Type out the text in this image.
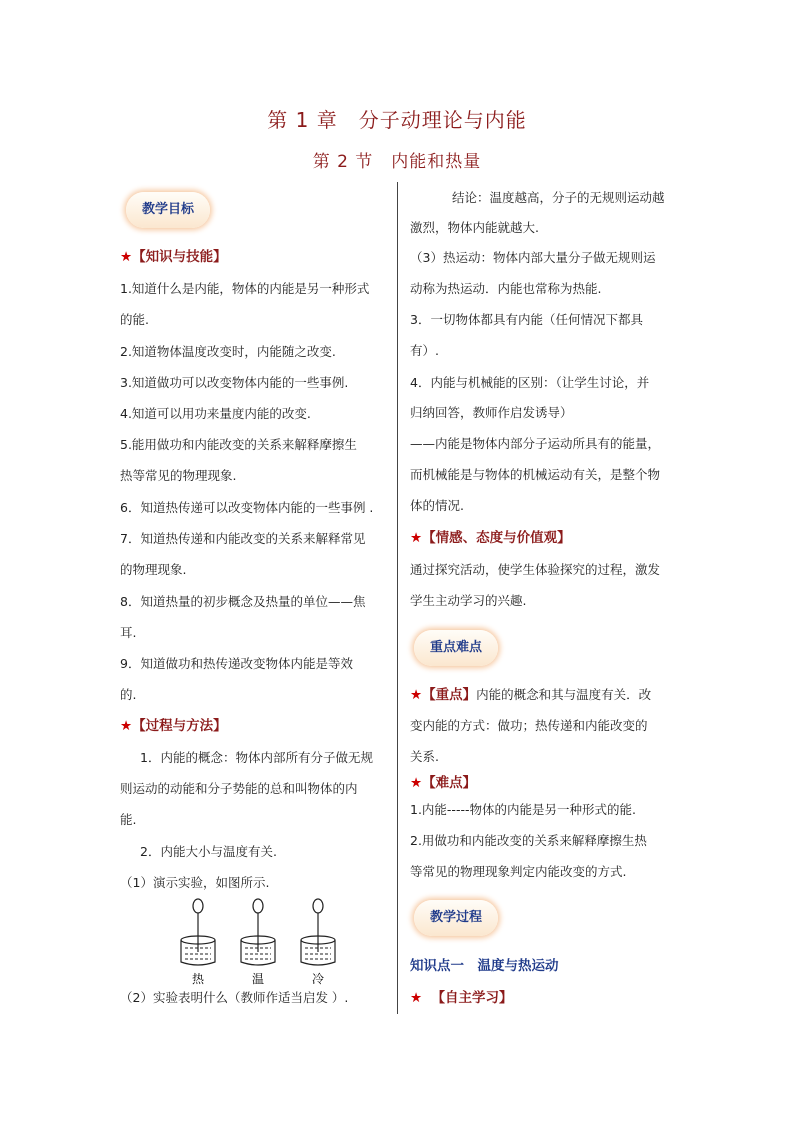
第 1 章　分子动理论与内能
第 2 节　内能和热量
教学目标
★【知识与技能】
1.知道什么是内能，物体的内能是另一种形式
的能.
2.知道物体温度改变时，内能随之改变.
3.知道做功可以改变物体内能的一些事例.
4.知道可以用功来量度内能的改变.
5.能用做功和内能改变的关系来解释摩擦生
热等常见的物理现象.
6．知道热传递可以改变物体内能的一些事例 .
7．知道热传递和内能改变的关系来解释常见
的物理现象.
8．知道热量的初步概念及热量的单位——焦
耳.
9．知道做功和热传递改变物体内能是等效
的.
★【过程与方法】
1．内能的概念：物体内部所有分子做无规
则运动的动能和分子势能的总和叫物体的内
能.
2．内能大小与温度有关.
（1）演示实验，如图所示.
热	温	冷
（2）实验表明什么（教师作适当启发 ）.
结论：温度越高，分子的无规则运动越
激烈，物体内能就越大.
（3）热运动：物体内部大量分子做无规则运
动称为热运动．内能也常称为热能.
3．一切物体都具有内能（任何情况下都具
有）.
4．内能与机械能的区别：（让学生讨论，并
归纳回答，教师作启发诱导）
——内能是物体内部分子运动所具有的能量，
而机械能是与物体的机械运动有关，是整个物
体的情况.
★【情感、态度与价值观】
通过探究活动，使学生体验探究的过程，激发
学生主动学习的兴趣.
重点难点
★【重点】内能的概念和其与温度有关．改
变内能的方式：做功；热传递和内能改变的
关系.
★【难点】
1.内能-----物体的内能是另一种形式的能.
2.用做功和内能改变的关系来解释摩擦生热
等常见的物理现象判定内能改变的方式.
教学过程
知识点一　温度与热运动
★ 【自主学习】
